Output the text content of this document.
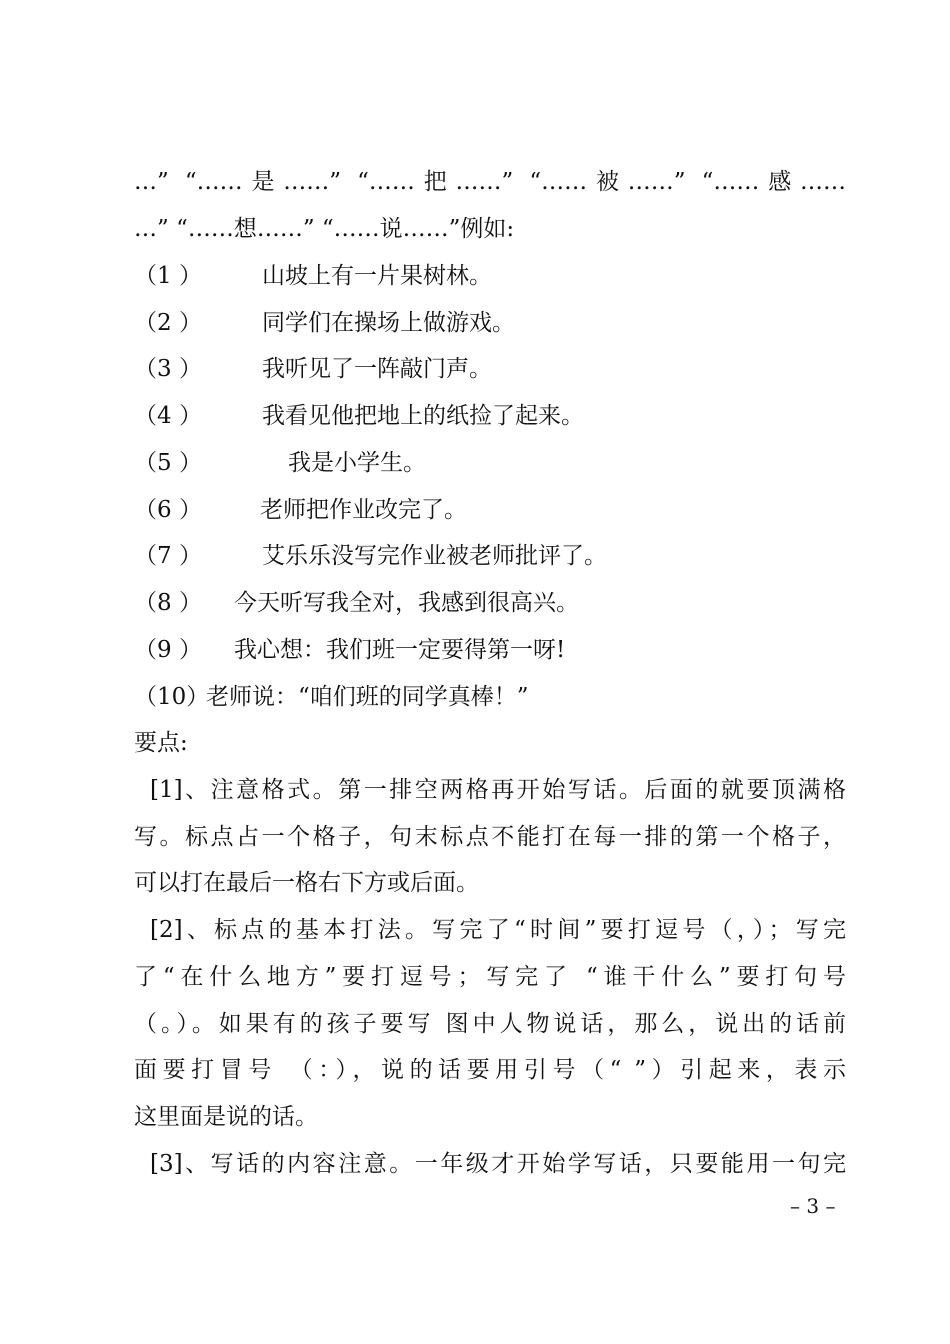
…” “……是……” “……把……” “……被……” “……感……
…” “……想……” “……说……”例如:
（1 ）	山坡上有一片果树林。
（2 ）	同学们在操场上做游戏。
（3 ）	我听见了一阵敲门声。
（4 ）	我看见他把地上的纸捡了起来。
（5 ）	我是小学生。
（6 ）	老师把作业改完了。
（7 ）	艾乐乐没写完作业被老师批评了。
（8 ） 今天听写我全对，我感到很高兴。
（9 ） 我心想：我们班一定要得第一呀!
（10）
老师说：“咱们班的同学真棒！”
要点:
[1]、注意格式。第一排空两格再开始写话。后面的就要顶满格
写。标点占一个格子，句末标点不能打在每一排的第一个格子，
可以打在最后一格右下方或后面。
[2]、标点的基本打法。写完了“时间”要打逗号（，）；写完
了“在什么地方”要打逗号；写完了 “谁干什么”要打句号
（。）。如果有的孩子要写 图中人物说话，那么，说出的话前
面要打冒号 （：），说的话要用引号（“ ”）引起来，表示
这里面是说的话。
[3]、写话的内容注意。一年级才开始学写话，只要能用一句完
– 3 –
